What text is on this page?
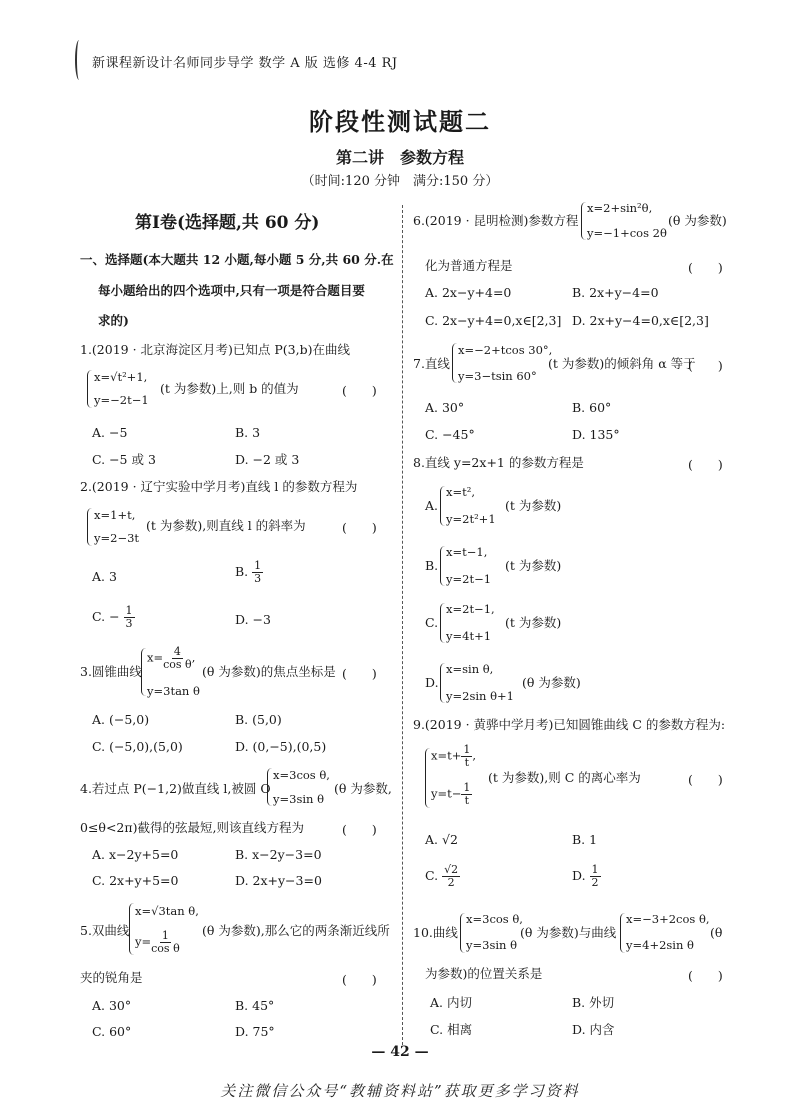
新课程新设计名师同步导学 数学 A 版 选修 4-4 RJ
阶段性测试题二
第二讲　参数方程
（时间:120 分钟　满分:150 分）
第Ⅰ卷(选择题,共 60 分)
一、选择题(本大题共 12 小题,每小题 5 分,共 60 分.在
每小题给出的四个选项中,只有一项是符合题目要
求的)
1.(2019 · 北京海淀区月考)已知点 P(3,b)在曲线
x=√t²+1,
y=−2t−1
(t 为参数)上,则 b 的值为	(　　)
A. −5	B. 3
C. −5 或 3	D. −2 或 3
2.(2019 · 辽宁实验中学月考)直线 l 的参数方程为
x=1+t,
y=2−3t
(t 为参数),则直线 l 的斜率为	(　　)
A. 3	B. $\frac{1}{3}$
C. − $\frac{1}{3}$	D. −3
3.圆锥曲线
$x= \frac{4}{\text{cos θ}}$ ,
y=3tan θ
(θ 为参数)的焦点坐标是 (　　)
A. (−5,0)	B. (5,0)
C. (−5,0),(5,0)	D. (0,−5),(0,5)
4.若过点 P(−1,2)做直线 l,被圆 O
x=3cos θ,
y=3sin θ
(θ 为参数,
0≤θ<2π)截得的弦最短,则该直线方程为	(　　)
A. x−2y+5=0	B. x−2y−3=0
C. 2x+y+5=0	D. 2x+y−3=0
5.双曲线
x=√3tan θ,
$y= \frac{1}{\text{cos θ}} (\theta$ 为参数),那么它的两条渐近线所
夹的锐角是	(　　)
A. 30°	B. 45°
C. 60°	D. 75°
6.(2019 · 昆明检测)参数方程
x=2+sin²θ,
y=−1+cos 2θ
(θ 为参数)
化为普通方程是	(　　)
A. 2x−y+4=0	B. 2x+y−4=0
C. 2x−y+4=0,x∈[2,3] D. 2x+y−4=0,x∈[2,3]
7.直线
x=−2+tcos 30°,
y=3−tsin 60°
(t 为参数)的倾斜角 α 等于
(　　)
A. 30°	B. 60°
C. −45°	D. 135°
8.直线 y=2x+1 的参数方程是	(　　)
A.
x=t²,
y=2t²+1
(t 为参数)
B.
x=t−1,
y=2t−1
(t 为参数)
C.
x=2t−1,
y=4t+1
(t 为参数)
D.
x=sin θ,
y=2sin θ+1
(θ 为参数)
9.(2019 · 黄骅中学月考)已知圆锥曲线 C 的参数方程为:
$x=t+ \frac{1}{t}$ ,
$y=t- \frac{1}{t}$
(t 为参数),则 C 的离心率为	(　　)
A. √2	B. 1
C. $\frac{√2}{2}$	D. $\frac{1}{2}$
10.曲线
x=3cos θ,
y=3sin θ
(θ 为参数)与曲线
x=−3+2cos θ,
y=4+2sin θ
(θ
为参数)的位置关系是	(　　)
A. 内切	B. 外切
C. 相离	D. 内含
— 42 —
关注微信公众号“教辅资料站”获取更多学习资料
